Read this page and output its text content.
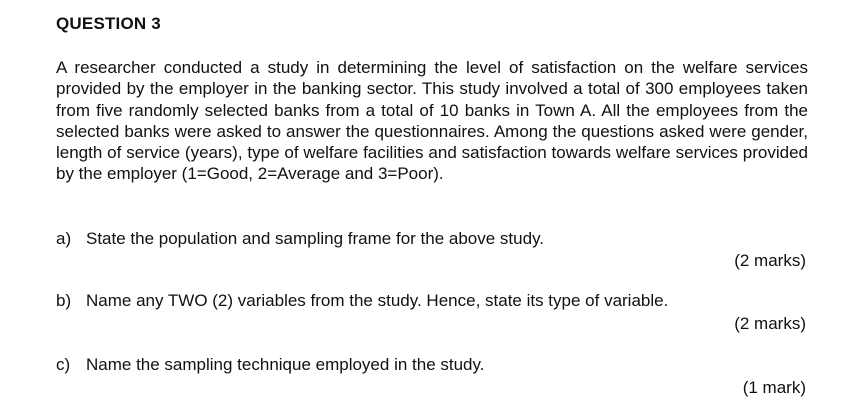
QUESTION 3
A researcher conducted a study in determining the level of satisfaction on the welfare services provided by the employer in the banking sector. This study involved a total of 300 employees taken from five randomly selected banks from a total of 10 banks in Town A. All the employees from the selected banks were asked to answer the questionnaires. Among the questions asked were gender, length of service (years), type of welfare facilities and satisfaction towards welfare services provided by the employer (1=Good, 2=Average and 3=Poor).
a) State the population and sampling frame for the above study.
(2 marks)
b) Name any TWO (2) variables from the study. Hence, state its type of variable.
(2 marks)
c) Name the sampling technique employed in the study.
(1 mark)
